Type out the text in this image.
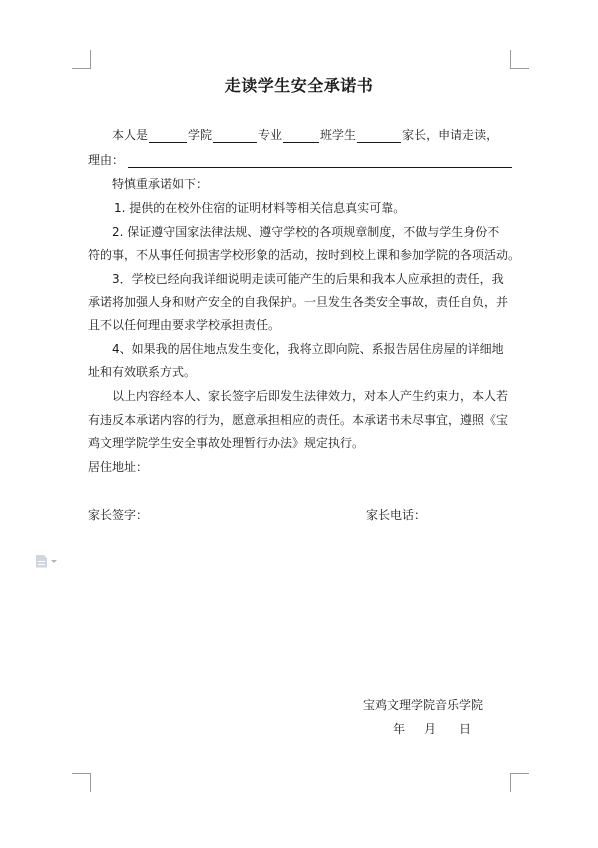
走读学生安全承诺书
本人是	学院	专业	班学生	家长，申请走读，
理由：
特慎重承诺如下：
1. 提供的在校外住宿的证明材料等相关信息真实可靠。
2. 保证遵守国家法律法规、遵守学校的各项规章制度，不做与学生身份不
符的事，不从事任何损害学校形象的活动，按时到校上课和参加学院的各项活动。
3．学校已经向我详细说明走读可能产生的后果和我本人应承担的责任，我
承诺将加强人身和财产安全的自我保护。一旦发生各类安全事故，责任自负，并
且不以任何理由要求学校承担责任。
4、如果我的居住地点发生变化，我将立即向院、系报告居住房屋的详细地
址和有效联系方式。
以上内容经本人、家长签字后即发生法律效力，对本人产生约束力，本人若
有违反本承诺内容的行为，愿意承担相应的责任。本承诺书未尽事宜，遵照《宝
鸡文理学院学生安全事故处理暂行办法》规定执行。
居住地址：
家长签字：	家长电话：
宝鸡文理学院音乐学院
年 月 日
